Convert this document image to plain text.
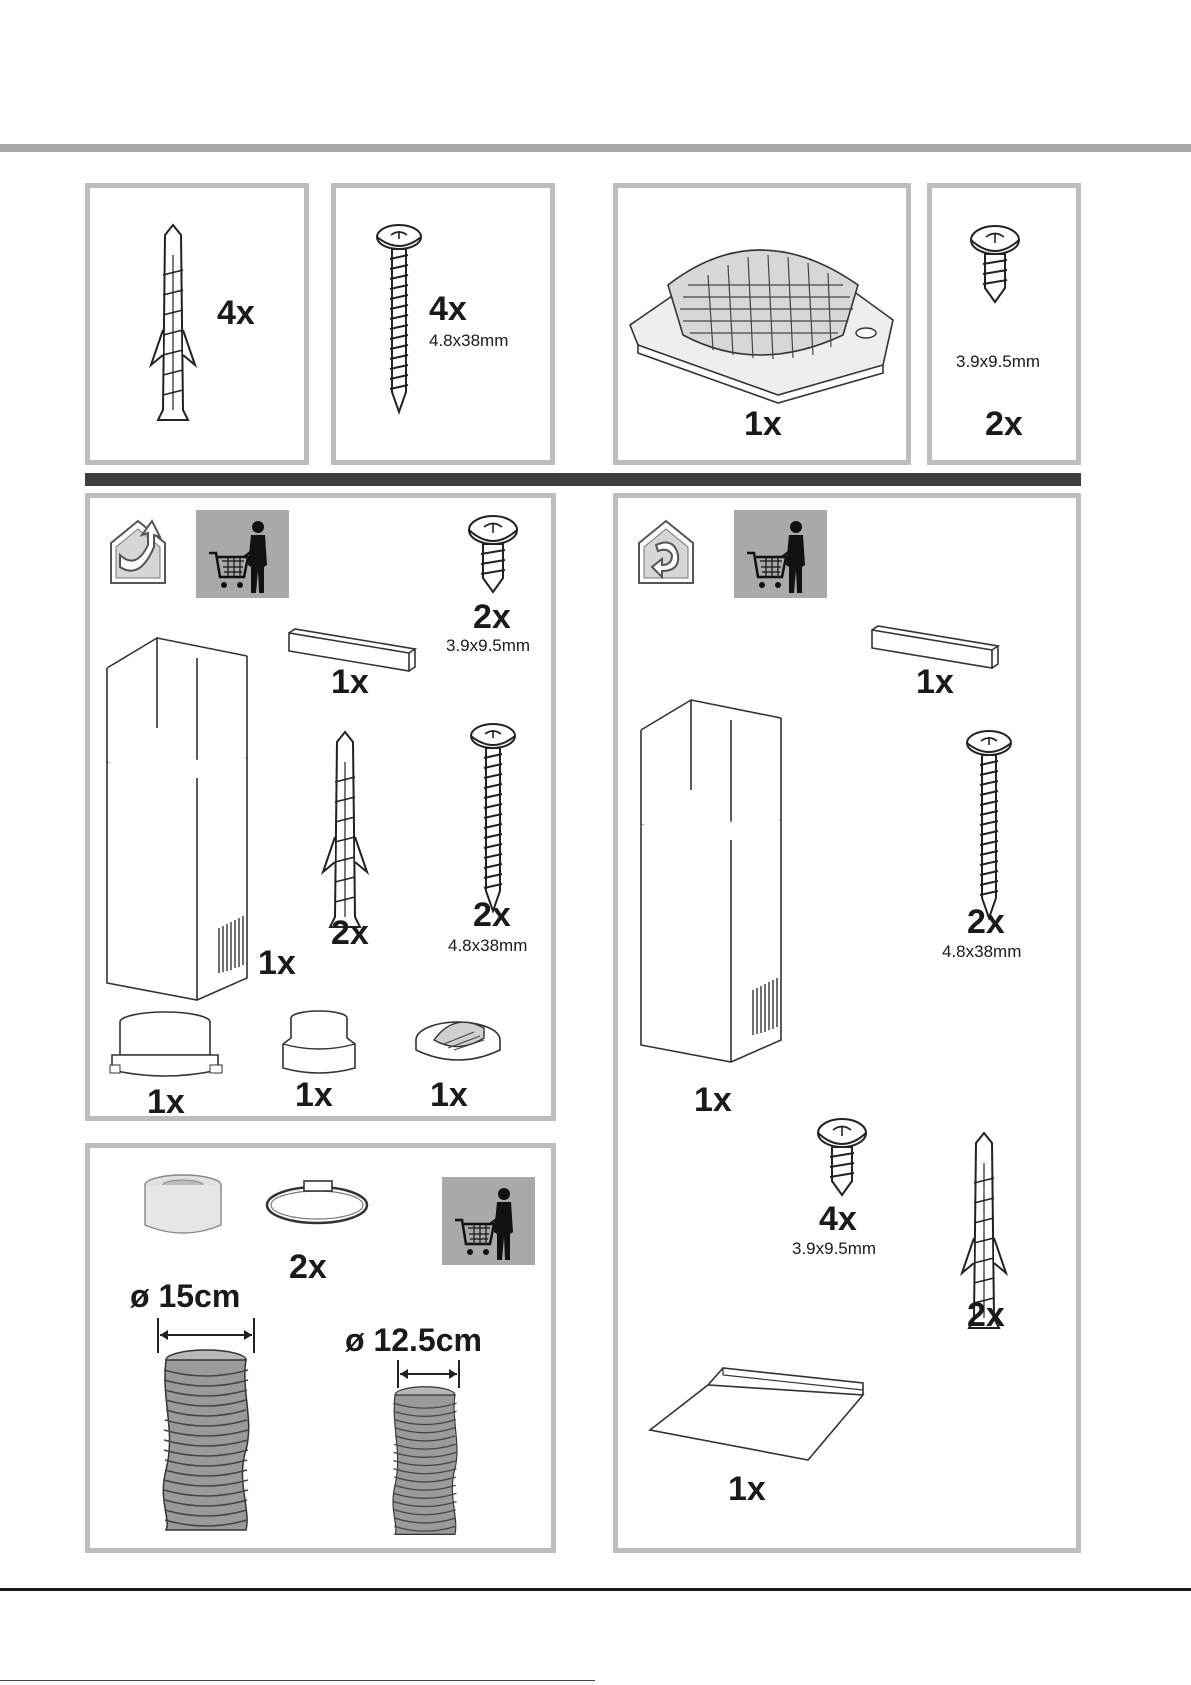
4x	4x
4.8x38mm
1x
3.9x9.5mm
2x
2x
3.9x9.5mm
1x
1x
2x	2x
4.8x38mm
1x	1x	1x
2x
ø 15cm
ø 12.5cm
1x
1x
2x
4.8x38mm
4x
3.9x9.5mm
2x
1x
